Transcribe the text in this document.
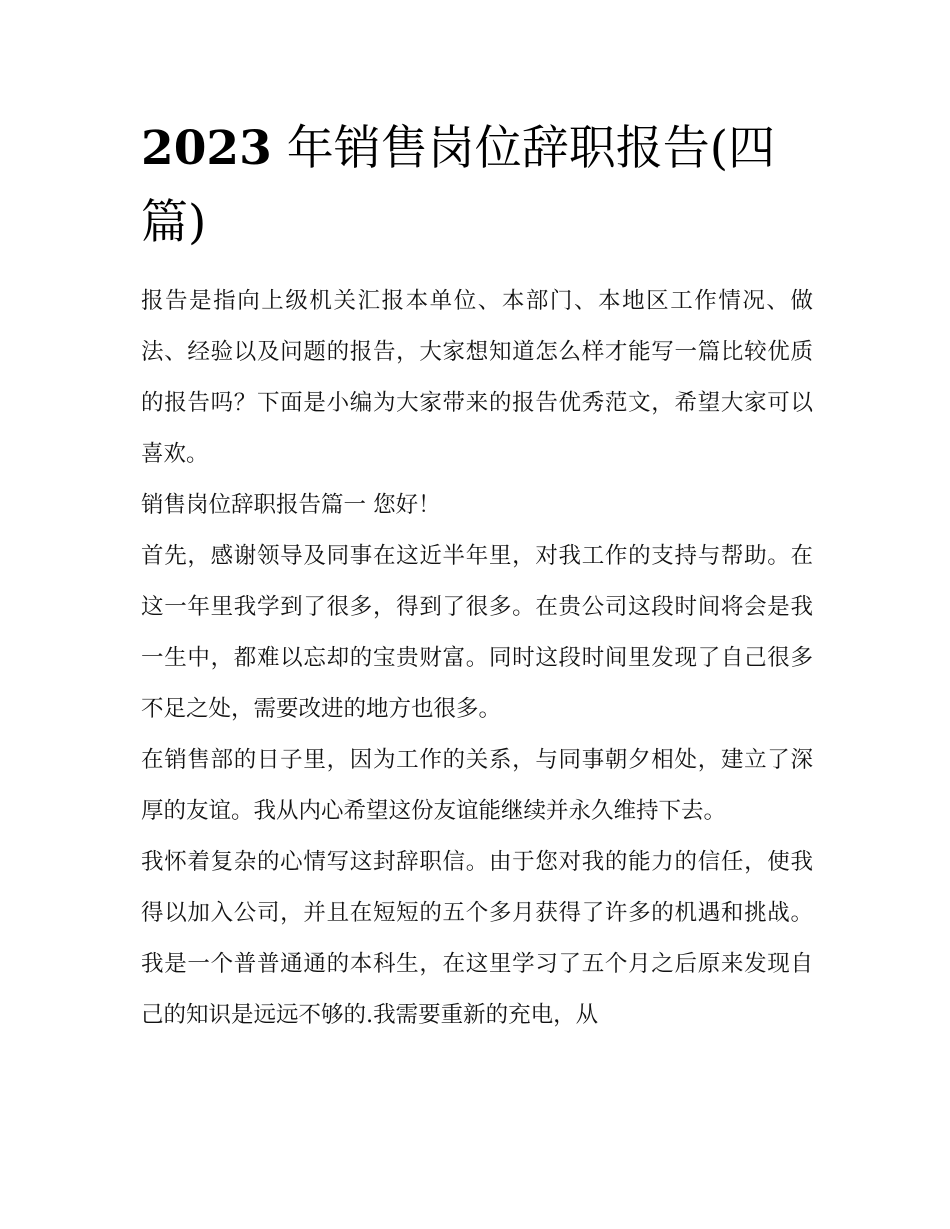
2023 年销售岗位辞职报告(四篇)

报告是指向上级机关汇报本单位、本部门、本地区工作情况、做法、经验以及问题的报告，大家想知道怎么样才能写一篇比较优质的报告吗？下面是小编为大家带来的报告优秀范文，希望大家可以喜欢。

销售岗位辞职报告篇一 您好！

首先，感谢领导及同事在这近半年里，对我工作的支持与帮助。在这一年里我学到了很多，得到了很多。在贵公司这段时间将会是我一生中，都难以忘却的宝贵财富。同时这段时间里发现了自己很多不足之处，需要改进的地方也很多。

在销售部的日子里，因为工作的关系，与同事朝夕相处，建立了深厚的友谊。我从内心希望这份友谊能继续并永久维持下去。

我怀着复杂的心情写这封辞职信。由于您对我的能力的信任，使我得以加入公司，并且在短短的五个多月获得了许多的机遇和挑战。我是一个普普通通的本科生，在这里学习了五个月之后原来发现自己的知识是远远不够的.我需要重新的充电，从
